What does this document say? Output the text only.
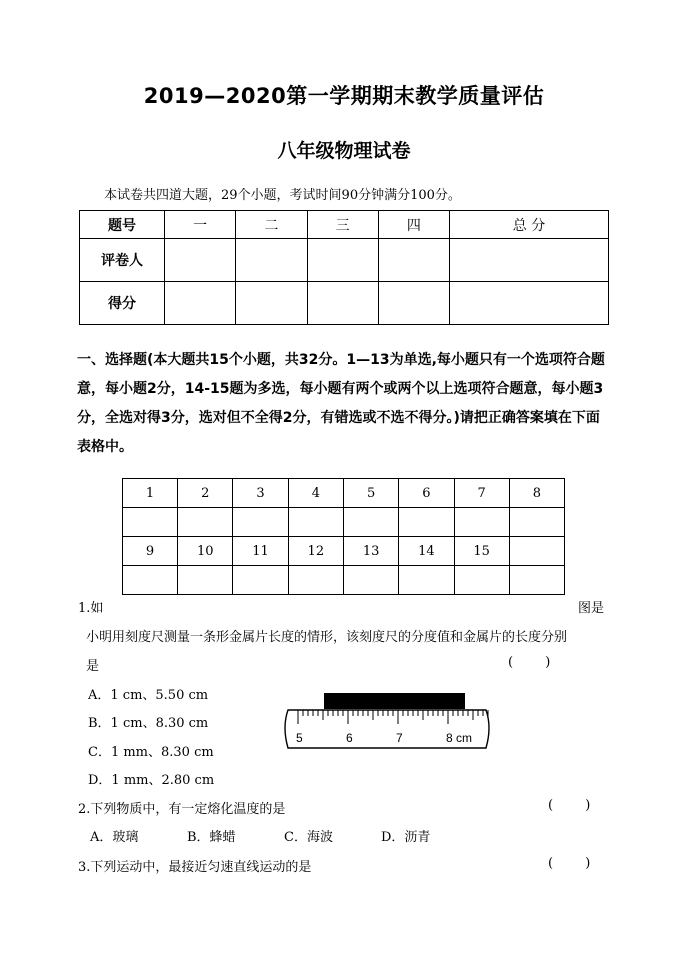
2019—2020第一学期期末教学质量评估
八年级物理试卷
本试卷共四道大题，29个小题，考试时间90分钟满分100分。
题号	一	二	三	四	总 分
评卷人					
得分					
一、选择题(本大题共15个小题，共32分。1—13为单选,每小题只有一个选项符合题意，每小题2分，14-15题为多选，每小题有两个或两个以上选项符合题意，每小题3分，全选对得3分，选对但不全得2分，有错选或不选不得分。)请把正确答案填在下面表格中。
1	2	3	4	5	6	7	8

9	10	11	12	13	14	15	

1.如	图是
小明用刻度尺测量一条形金属片长度的情形，该刻度尺的分度值和金属片的长度分别
是	( )
A．1 cm、5.50 cm
B．1 cm、8.30 cm
C．1 mm、8.30 cm
D．1 mm、2.80 cm
5	6	7	8 cm
2.下列物质中，有一定熔化温度的是	( )
A．玻璃	B．蜂蜡	C．海波	D．沥青
3.下列运动中，最接近匀速直线运动的是	( )
